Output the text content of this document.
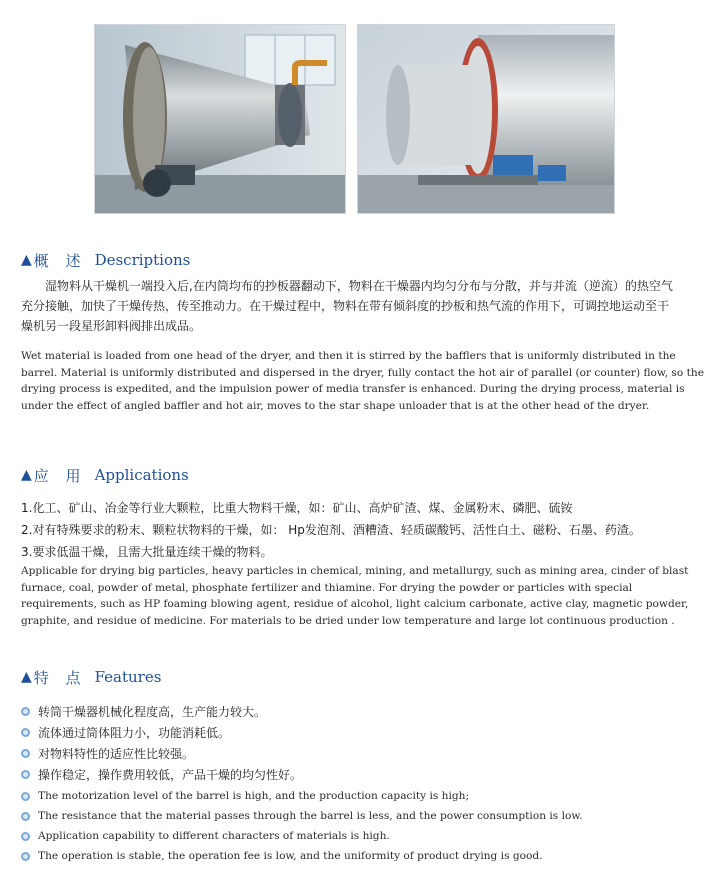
▲ 概 述 Descriptions
　　湿物料从干燥机一端投入后,在内筒均布的抄板器翻动下，物料在干燥器内均匀分布与分散，并与并流（逆流）的热空气
充分接触，加快了干燥传热，传至推动力。在干燥过程中，物料在带有倾斜度的抄板和热气流的作用下，可调控地运动至干
燥机另一段星形卸料阀排出成品。
Wet material is loaded from one head of the dryer, and then it is stirred by the bafflers that is uniformly distributed in the
barrel. Material is uniformly distributed and dispersed in the dryer, fully contact the hot air of parallel (or counter) flow, so the
drying process is expedited, and the impulsion power of media transfer is enhanced. During the drying process, material is
under the effect of angled baffler and hot air, moves to the star shape unloader that is at the other head of the dryer.
▲ 应 用 Applications
1.化工、矿山、冶金等行业大颗粒，比重大物料干燥，如：矿山、高炉矿渣、煤、金属粉末、磷肥、硫铵
2.对有特殊要求的粉末、颗粒状物料的干燥，如： Hp发泡剂、酒糟渣、轻质碳酸钙、活性白土、磁粉、石墨、药渣。
3.要求低温干燥，且需大批量连续干燥的物料。
Applicable for drying big particles, heavy particles in chemical, mining, and metallurgy, such as mining area, cinder of blast
furnace, coal, powder of metal, phosphate fertilizer and thiamine. For drying the powder or particles with special
requirements, such as HP foaming blowing agent, residue of alcohol, light calcium carbonate, active clay, magnetic powder,
graphite, and residue of medicine. For materials to be dried under low temperature and large lot continuous production .
▲ 特 点 Features
转筒干燥器机械化程度高，生产能力较大。
流体通过筒体阻力小，功能消耗低。
对物料特性的适应性比较强。
操作稳定，操作费用较低，产品干燥的均匀性好。
The motorization level of the barrel is high, and the production capacity is high;
The resistance that the material passes through the barrel is less, and the power consumption is low.
Application capability to different characters of materials is high.
The operation is stable, the operation fee is low, and the uniformity of product drying is good.
